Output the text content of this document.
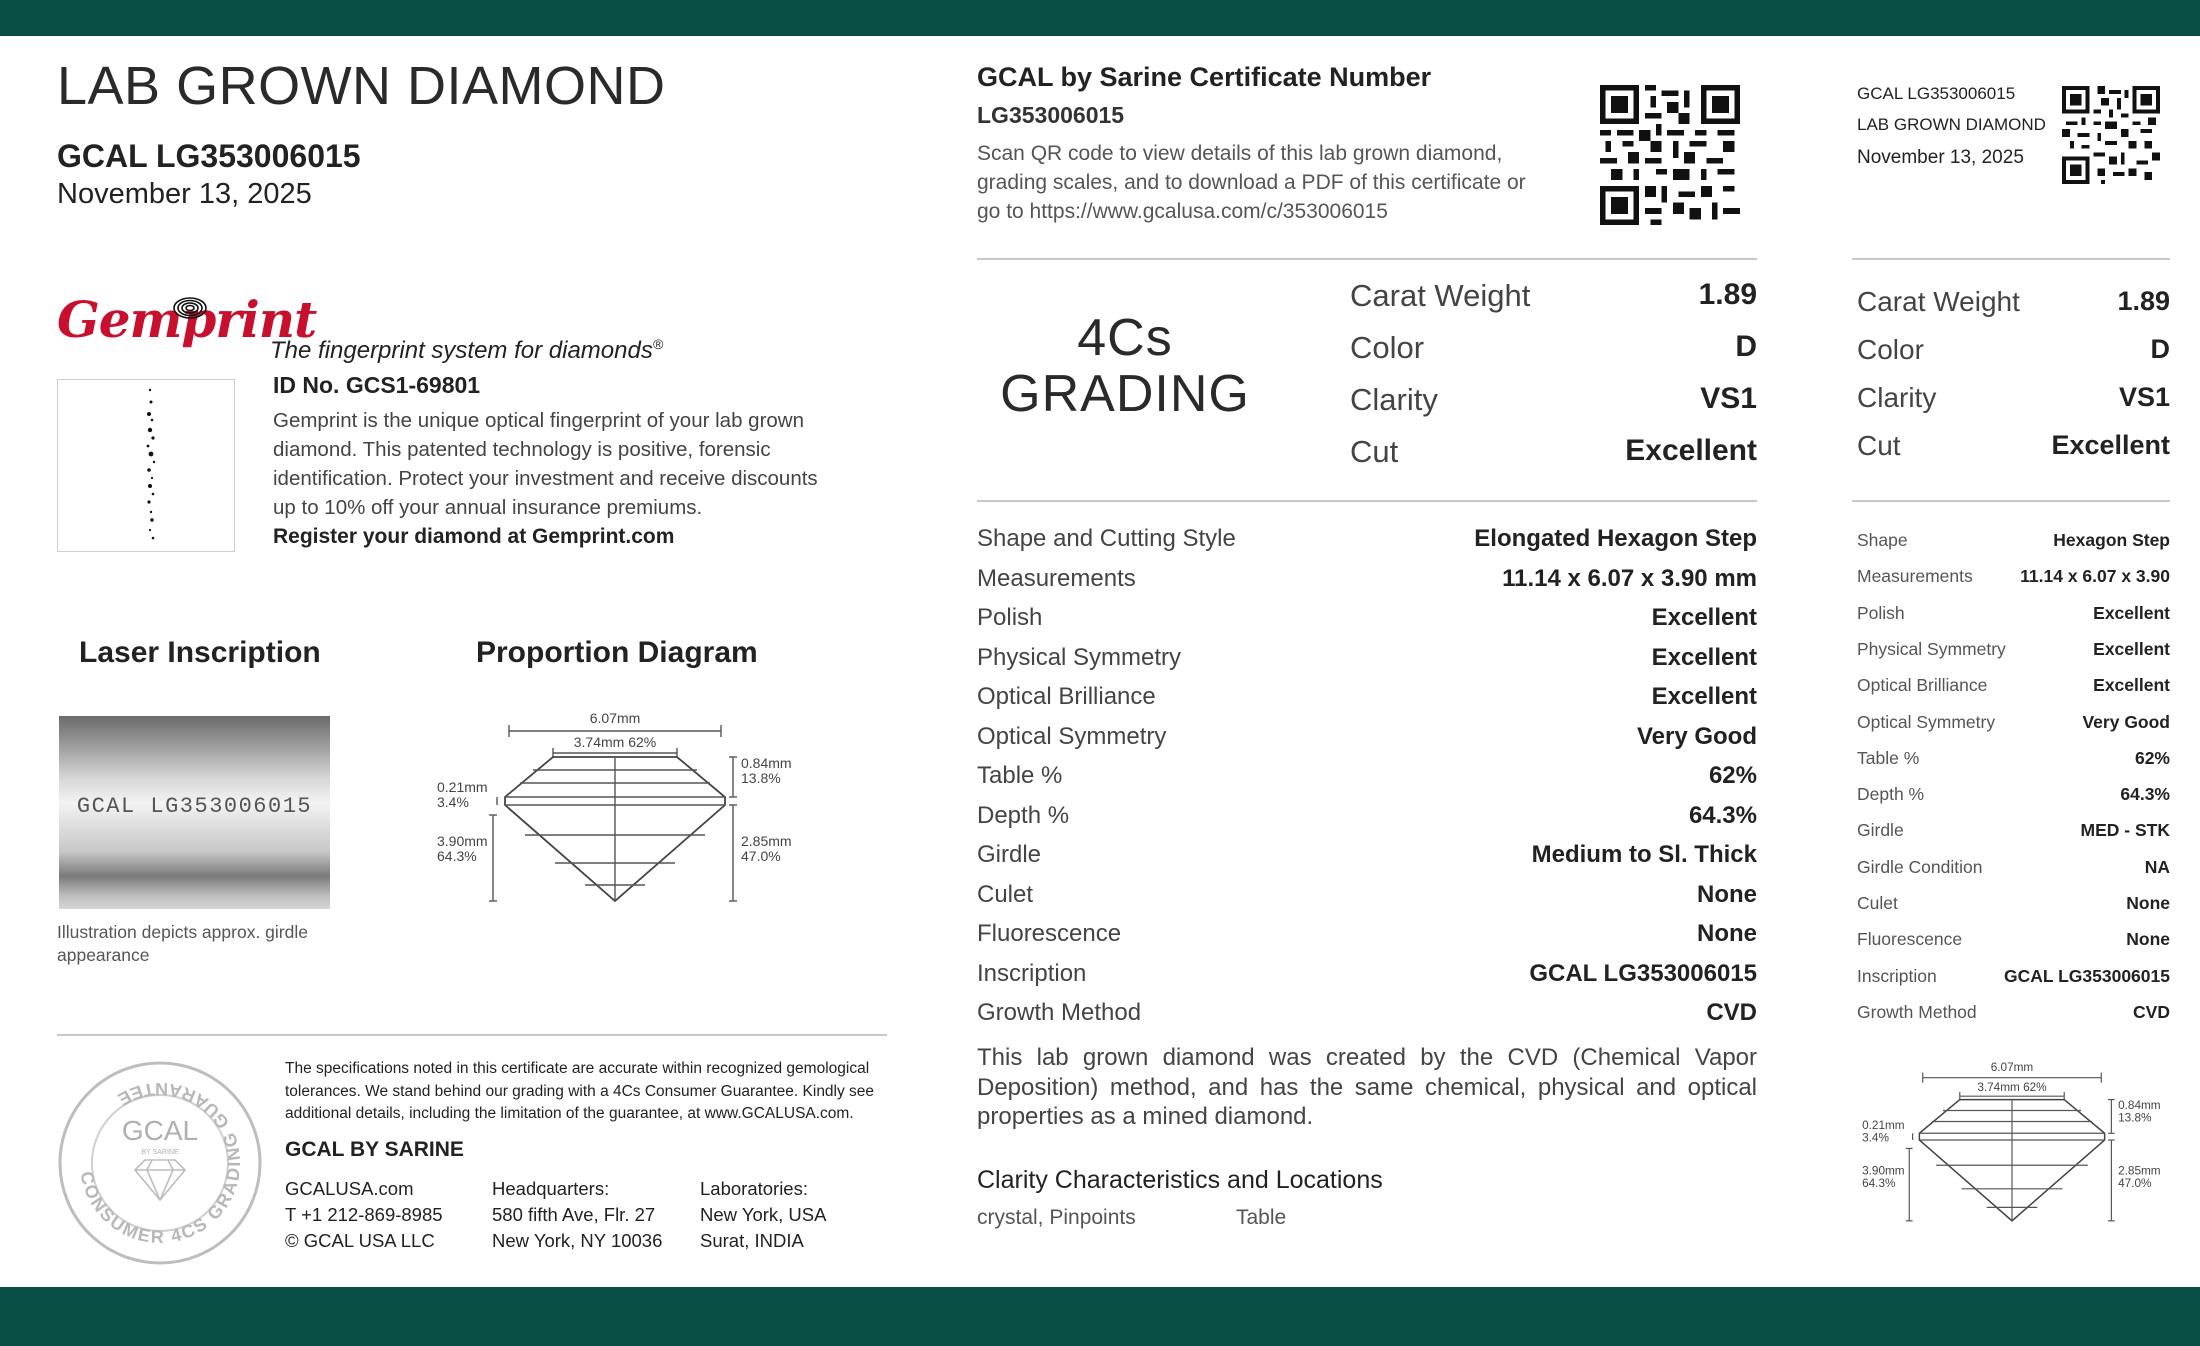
LAB GROWN DIAMOND
GCAL LG353006015
November 13, 2025
Gemprint
The fingerprint system for diamonds®
ID No. GCS1-69801
Gemprint is the unique optical fingerprint of your lab grown diamond. This patented technology is positive, forensic identification. Protect your investment and receive discounts up to 10% off your annual insurance premiums.
Register your diamond at Gemprint.com
Laser Inscription
GCAL LG353006015
Illustration depicts approx. girdle appearance
Proportion Diagram
6.07mm
3.74mm 62%
0.21mm
3.4%
3.90mm
64.3%
0.84mm
13.8%
2.85mm
47.0%
CONSUMER 4CS GRADING GUARANTEE
GCAL
BY SARINE
The specifications noted in this certificate are accurate within recognized gemological tolerances. We stand behind our grading with a 4Cs Consumer Guarantee. Kindly see additional details, including the limitation of the guarantee, at www.GCALUSA.com.
GCAL BY SARINE
GCALUSA.com
T +1 212-869-8985
© GCAL USA LLC
Headquarters:
580 fifth Ave, Flr. 27
New York, NY 10036
Laboratories:
New York, USA
Surat, INDIA
GCAL by Sarine Certificate Number
LG353006015
Scan QR code to view details of this lab grown diamond, grading scales, and to download a PDF of this certificate or go to https://www.gcalusa.com/c/353006015
4Cs
GRADING
Carat Weight	1.89
Color	D
Clarity	VS1
Cut	Excellent
Shape and Cutting Style	Elongated Hexagon Step
Measurements	11.14 x 6.07 x 3.90 mm
Polish	Excellent
Physical Symmetry	Excellent
Optical Brilliance	Excellent
Optical Symmetry	Very Good
Table %	62%
Depth %	64.3%
Girdle	Medium to Sl. Thick
Culet	None
Fluorescence	None
Inscription	GCAL LG353006015
Growth Method	CVD
This lab grown diamond was created by the CVD (Chemical Vapor Deposition) method, and has the same chemical, physical and optical properties as a mined diamond.
Clarity Characteristics and Locations
crystal, Pinpoints	Table
GCAL LG353006015
LAB GROWN DIAMOND
November 13, 2025
Carat Weight	1.89
Color	D
Clarity	VS1
Cut	Excellent
Shape	Hexagon Step
Measurements	11.14 x 6.07 x 3.90
Polish	Excellent
Physical Symmetry	Excellent
Optical Brilliance	Excellent
Optical Symmetry	Very Good
Table %	62%
Depth %	64.3%
Girdle	MED - STK
Girdle Condition	NA
Culet	None
Fluorescence	None
Inscription	GCAL LG353006015
Growth Method	CVD
6.07mm
3.74mm 62%
0.21mm
3.4%
3.90mm
64.3%
0.84mm
13.8%
2.85mm
47.0%
